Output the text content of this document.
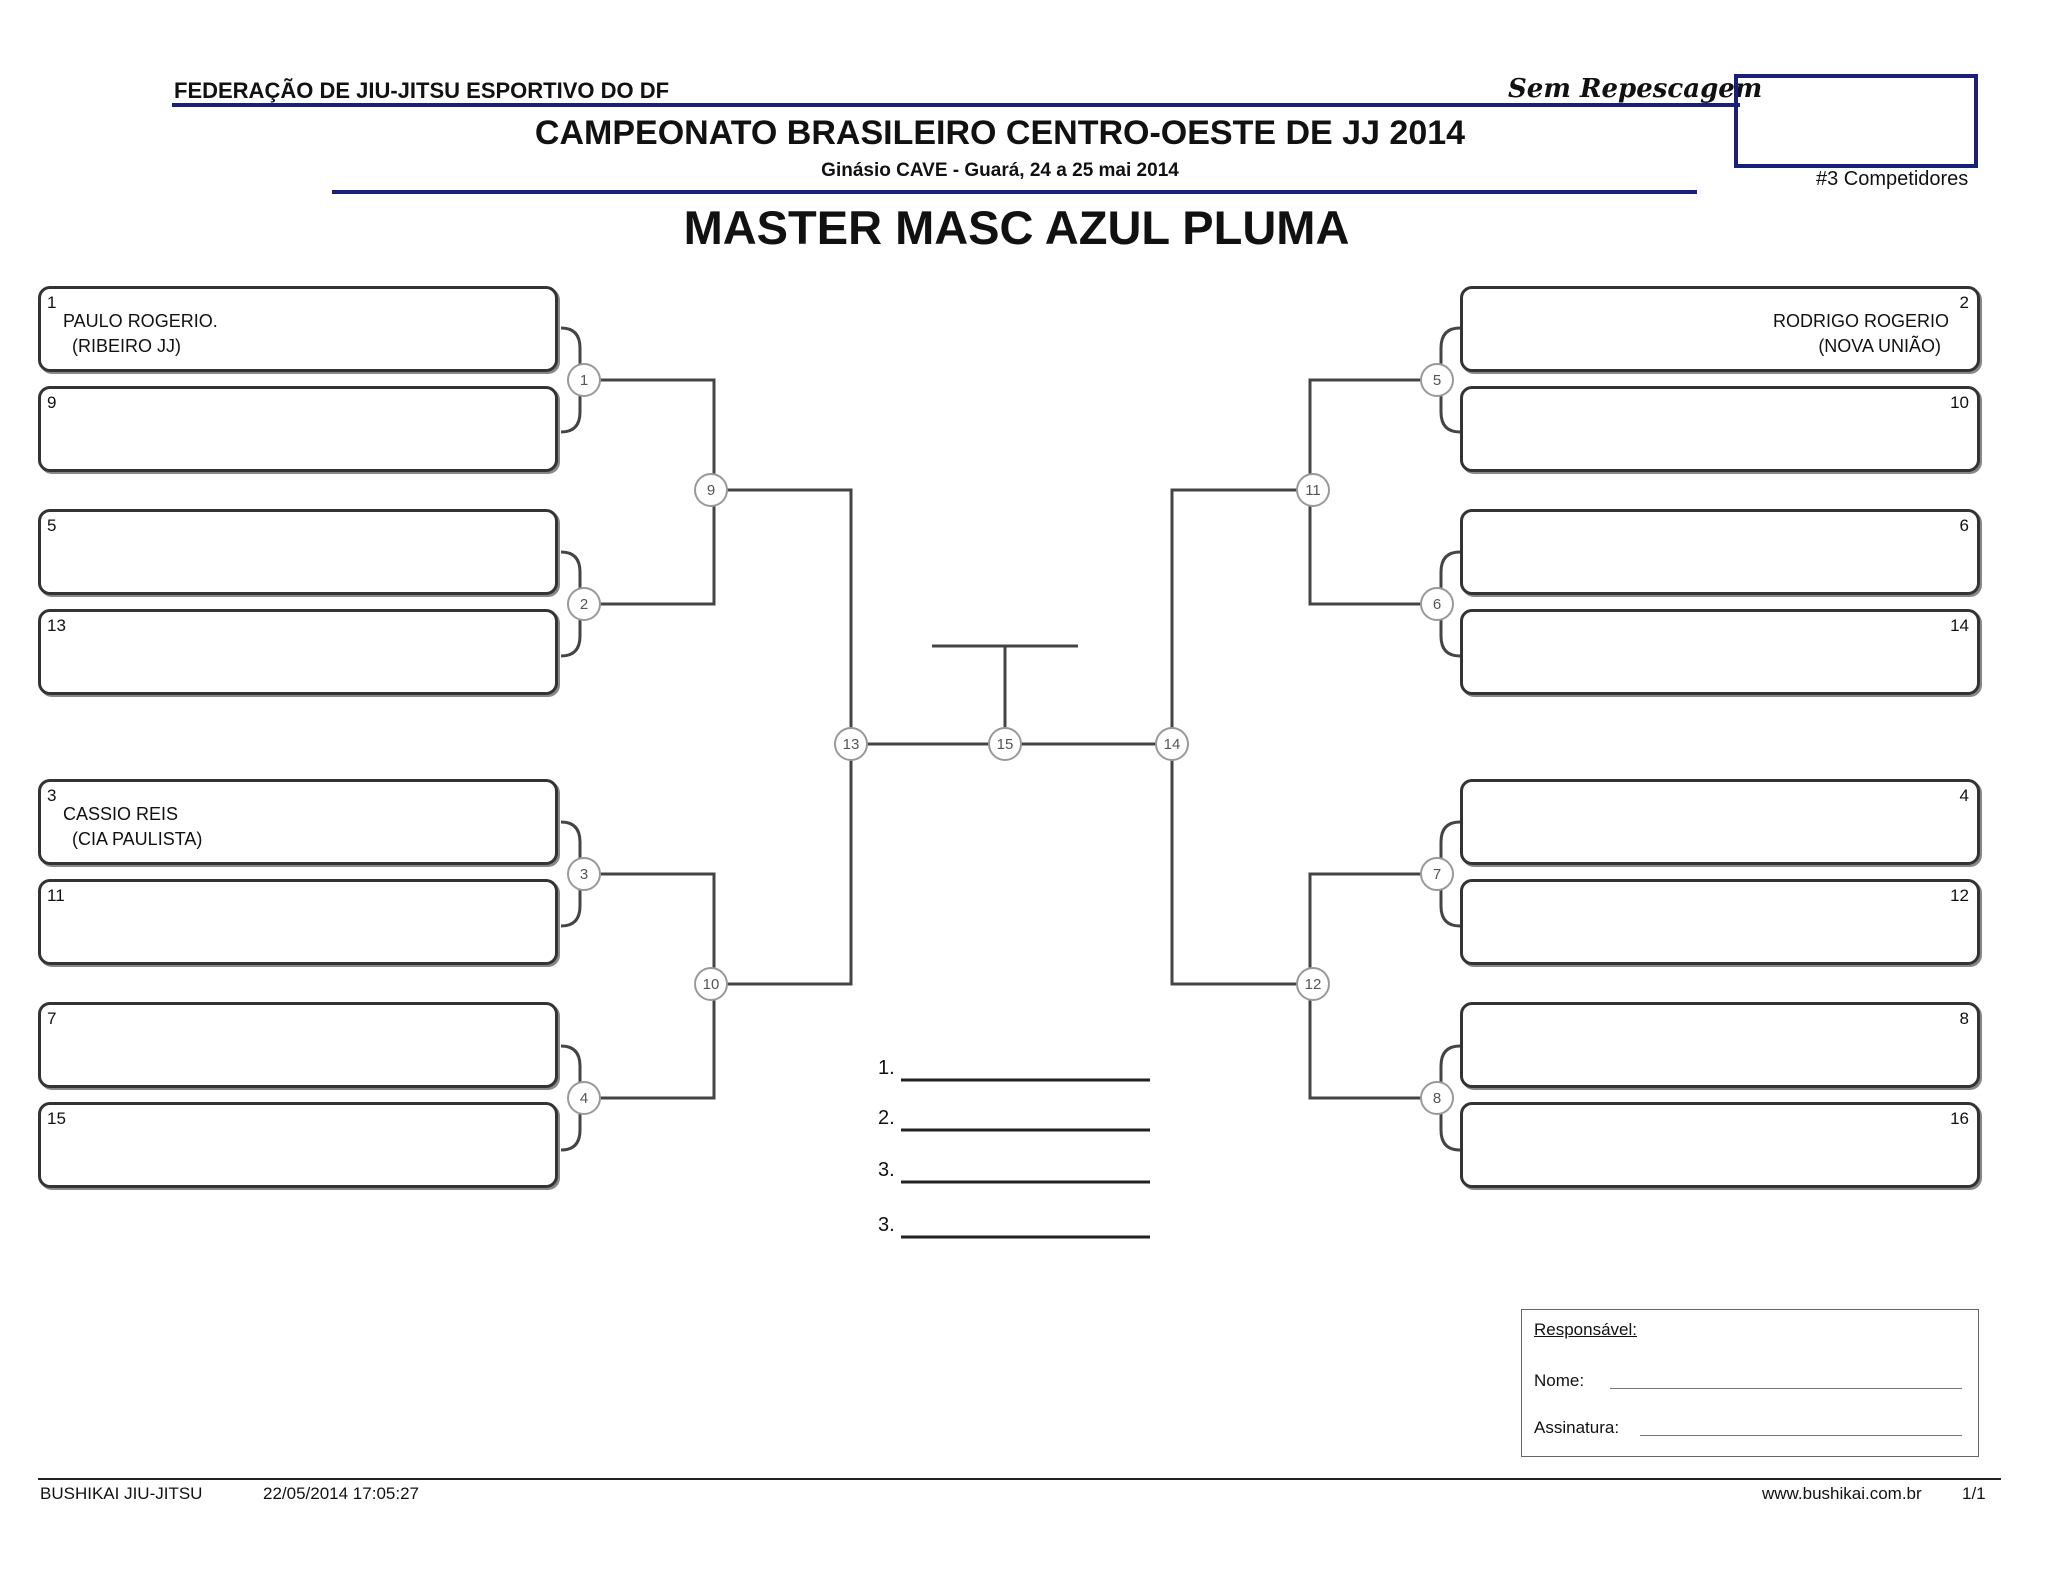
FEDERAÇÃO DE JIU-JITSU ESPORTIVO DO DF	Sem Repescagem
#3 Competidores
CAMPEONATO BRASILEIRO CENTRO-OESTE DE JJ 2014
Ginásio CAVE - Guará, 24 a 25 mai 2014
MASTER MASC AZUL PLUMA
1
2
3
4
5
6
7
8
9
10
11
12
13	14
15
1
PAULO ROGERIO.
(RIBEIRO JJ)
9
5
13
3
CASSIO REIS
(CIA PAULISTA)
11
7
15
2
RODRIGO ROGERIO
(NOVA UNIÃO)
10
6
14
4
12
8
16
1.
2.
3.
3.
Responsável:
Nome:
Assinatura:
BUSHIKAI JIU-JITSU	22/05/2014 17:05:27	www.bushikai.com.br 1/1
